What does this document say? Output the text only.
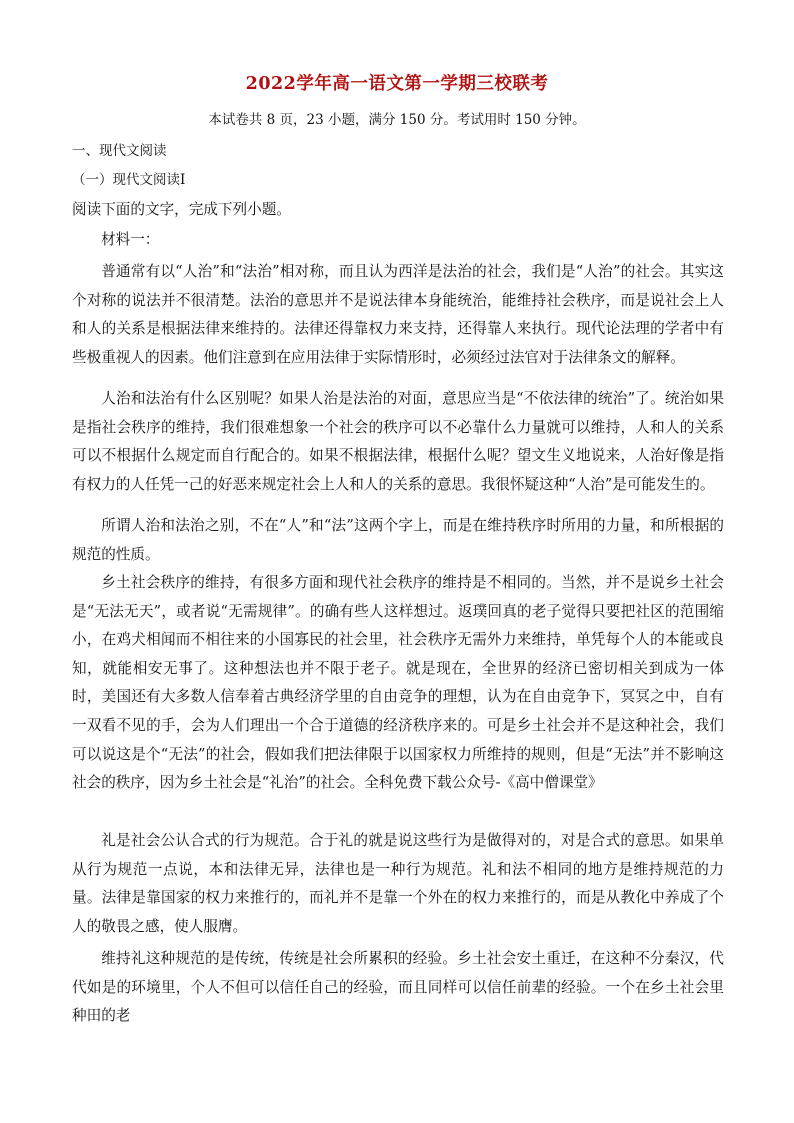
2022学年高一语文第一学期三校联考
本试卷共 8 页，23 小题，满分 150 分。考试用时 150 分钟。
一、现代文阅读
（一）现代文阅读Ⅰ
阅读下面的文字，完成下列小题。
材料一：

普通常有以“人治”和“法治”相对称，而且认为西洋是法治的社会，我们是“人治”的社会。其实这个对称的说法并不很清楚。法治的意思并不是说法律本身能统治，能维持社会秩序，而是说社会上人和人的关系是根据法律来维持的。法律还得靠权力来支持，还得靠人来执行。现代论法理的学者中有些极重视人的因素。他们注意到在应用法律于实际情形时，必须经过法官对于法律条文的解释。

人治和法治有什么区别呢？如果人治是法治的对面，意思应当是“不依法律的统治”了。统治如果是指社会秩序的维持，我们很难想象一个社会的秩序可以不必靠什么力量就可以维持，人和人的关系可以不根据什么规定而自行配合的。如果不根据法律，根据什么呢？望文生义地说来，人治好像是指有权力的人任凭一己的好恶来规定社会上人和人的关系的意思。我很怀疑这种“人治”是可能发生的。

所谓人治和法治之别，不在“人”和“法”这两个字上，而是在维持秩序时所用的力量，和所根据的规范的性质。

乡土社会秩序的维持，有很多方面和现代社会秩序的维持是不相同的。当然，并不是说乡土社会是“无法无天”，或者说“无需规律”。的确有些人这样想过。返璞回真的老子觉得只要把社区的范围缩小，在鸡犬相闻而不相往来的小国寡民的社会里，社会秩序无需外力来维持，单凭每个人的本能或良知，就能相安无事了。这种想法也并不限于老子。就是现在，全世界的经济已密切相关到成为一体时，美国还有大多数人信奉着古典经济学里的自由竞争的理想，认为在自由竞争下，冥冥之中，自有一双看不见的手，会为人们理出一个合于道德的经济秩序来的。可是乡土社会并不是这种社会，我们可以说这是个“无法”的社会，假如我们把法律限于以国家权力所维持的规则，但是“无法”并不影响这社会的秩序，因为乡土社会是“礼治”的社会。全科免费下载公众号-《高中僧课堂》

礼是社会公认合式的行为规范。合于礼的就是说这些行为是做得对的，对是合式的意思。如果单从行为规范一点说，本和法律无异，法律也是一种行为规范。礼和法不相同的地方是维持规范的力量。法律是靠国家的权力来推行的，而礼并不是靠一个外在的权力来推行的，而是从教化中养成了个人的敬畏之感，使人服膺。

维持礼这种规范的是传统，传统是社会所累积的经验。乡土社会安土重迁，在这种不分秦汉，代代如是的环境里，个人不但可以信任自己的经验，而且同样可以信任前辈的经验。一个在乡土社会里种田的老
